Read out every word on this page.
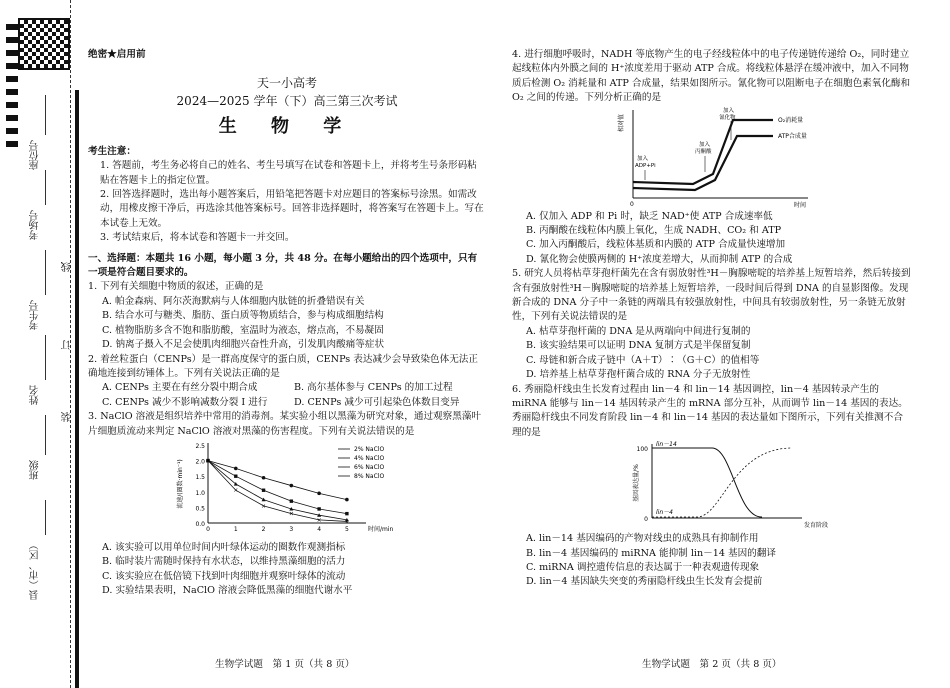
座位号
考场号
考生号
姓名
班级
县（市、区）
线
订
装
绝密★启用前
天一小高考
2024—2025 学年（下）高三第三次考试
生 物 学
考生注意：
1. 答题前，考生务必将自己的姓名、考生号填写在试卷和答题卡上，并将考生号条形码粘贴在答题卡上的指定位置。
2. 回答选择题时，选出每小题答案后，用铅笔把答题卡对应题目的答案标号涂黑。如需改动，用橡皮擦干净后，再选涂其他答案标号。回答非选择题时，将答案写在答题卡上。写在本试卷上无效。
3. 考试结束后，将本试卷和答题卡一并交回。
一、选择题：本题共 16 小题，每小题 3 分，共 48 分。在每小题给出的四个选项中，只有一项是符合题目要求的。
1. 下列有关细胞中物质的叙述，正确的是
A. 帕金森病、阿尔茨海默病与人体细胞内肽链的折叠错误有关
B. 结合水可与糖类、脂肪、蛋白质等物质结合，参与构成细胞结构
C. 植物脂肪多含不饱和脂肪酸，室温时为液态，熔点高，不易凝固
D. 钠离子摄入不足会使肌肉细胞兴奋性升高，引发肌肉酸痛等症状
2. 着丝粒蛋白（CENPs）是一群高度保守的蛋白质，CENPs 表达减少会导致染色体无法正确地连接到纺锤体上。下列有关说法正确的是
A. CENPs 主要在有丝分裂中期合成	B. 高尔基体参与 CENPs 的加工过程
C. CENPs 减少不影响减数分裂 I 进行	D. CENPs 减少可引起染色体数目变异
3. NaClO 溶液是组织培养中常用的消毒剂。某实验小组以黑藻为研究对象，通过观察黑藻叶片细胞质流动来判定 NaClO 溶液对黑藻的伤害程度。下列有关说法错误的是
0.0
0.5
1.0
1.5
2.0
2.5
0	1	2	3	4	5	时间/min
流速/(圈数·min⁻¹)
2% NaClO
4% NaClO
6% NaClO
×
×
×
×
×	×
8% NaClO
A. 该实验可以用单位时间内叶绿体运动的圈数作观测指标
B. 临时装片需随时保持有水状态，以维持黑藻细胞的活力
C. 该实验应在低倍镜下找到叶肉细胞并观察叶绿体的流动
D. 实验结果表明，NaClO 溶液会降低黑藻的细胞代谢水平
生物学试题　第 1 页（共 8 页）
4. 进行细胞呼吸时，NADH 等底物产生的电子经线粒体中的电子传递链传递给 O₂，同时建立起线粒体内外膜之间的 H⁺浓度差用于驱动 ATP 合成。将线粒体悬浮在缓冲液中，加入不同物质后检测 O₂ 消耗量和 ATP 合成量，结果如图所示。氰化物可以阻断电子在细胞色素氧化酶和 O₂ 之间的传递。下列分析正确的是
0	时间
相对值	O₂消耗量
ATP合成量
加入
ADP+Pi
加入
丙酮酸
加入
氰化物
A. 仅加入 ADP 和 Pi 时，缺乏 NAD⁺使 ATP 合成速率低
B. 丙酮酸在线粒体内膜上氧化，生成 NADH、CO₂ 和 ATP
C. 加入丙酮酸后，线粒体基质和内膜的 ATP 合成量快速增加
D. 氰化物会使膜两侧的 H⁺浓度差增大，从而抑制 ATP 的合成
5. 研究人员将枯草芽孢杆菌先在含有弱放射性³H－胸腺嘧啶的培养基上短暂培养，然后转接到含有强放射性³H－胸腺嘧啶的培养基上短暂培养，一段时间后得到 DNA 的自显影图像。发现新合成的 DNA 分子中一条链的两端具有较强放射性，中间具有较弱放射性，另一条链无放射性，下列有关说法错误的是
A. 枯草芽孢杆菌的 DNA 是从两端向中间进行复制的
B. 该实验结果可以证明 DNA 复制方式是半保留复制
C. 母链和新合成子链中（A＋T）∶（G＋C）的值相等
D. 培养基上枯草芽孢杆菌合成的 RNA 分子无放射性
6. 秀丽隐杆线虫生长发育过程由 lin－4 和 lin－14 基因调控，lin－4 基因转录产生的 miRNA 能够与 lin－14 基因转录产生的 mRNA 部分互补，从而调节 lin－14 基因的表达。秀丽隐杆线虫不同发育阶段 lin－4 和 lin－14 基因的表达量如下图所示，下列有关推测不合理的是
100
0
发育阶段
基因表达量/%
lin－14
lin－4
A. lin－14 基因编码的产物对线虫的成熟具有抑制作用
B. lin－4 基因编码的 miRNA 能抑制 lin－14 基因的翻译
C. miRNA 调控遗传信息的表达属于一种表观遗传现象
D. lin－4 基因缺失突变的秀丽隐杆线虫生长发育会提前
生物学试题　第 2 页（共 8 页）
